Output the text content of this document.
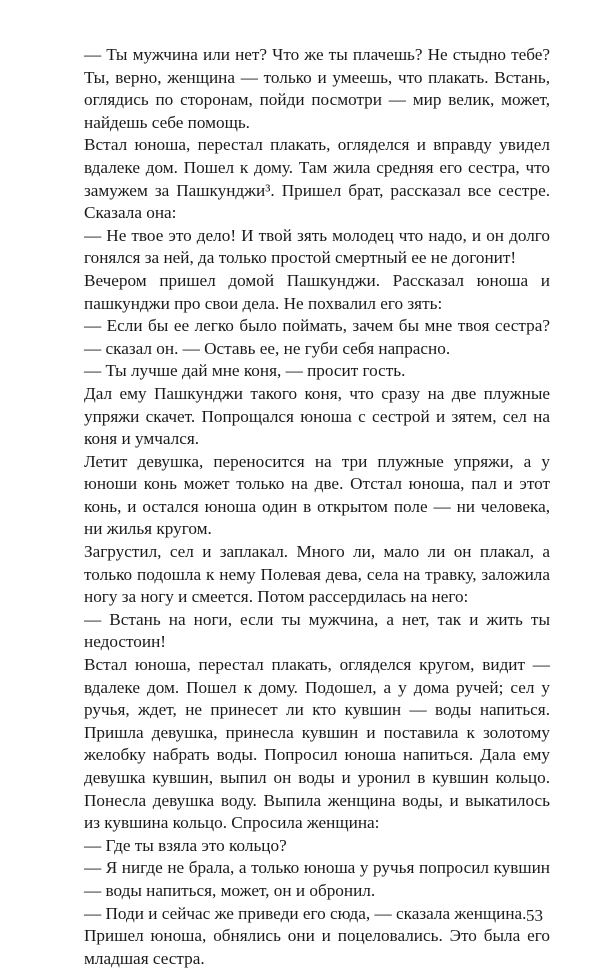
— Ты мужчина или нет? Что же ты плачешь? Не стыдно тебе? Ты, верно, женщина — только и умеешь, что плакать. Встань, оглядись по сторонам, пойди посмотри — мир велик, может, найдешь себе помощь.

Встал юноша, перестал плакать, огляделся и вправду увидел вдалеке дом. Пошел к дому. Там жила средняя его сестра, что замужем за Пашкунджи³. Пришел брат, рассказал все сестре. Сказала она:

— Не твое это дело! И твой зять молодец что надо, и он долго гонялся за ней, да только простой смертный ее не догонит!

Вечером пришел домой Пашкунджи. Рассказал юноша и пашкунджи про свои дела. Не похвалил его зять:

— Если бы ее легко было поймать, зачем бы мне твоя сестра? — сказал он. — Оставь ее, не губи себя напрасно.

— Ты лучше дай мне коня, — просит гость.

Дал ему Пашкунджи такого коня, что сразу на две плужные упряжи скачет. Попрощался юноша с сестрой и зятем, сел на коня и умчался.

Летит девушка, переносится на три плужные упряжи, а у юноши конь может только на две. Отстал юноша, пал и этот конь, и остался юноша один в открытом поле — ни человека, ни жилья кругом.

Загрустил, сел и заплакал. Много ли, мало ли он плакал, а только подошла к нему Полевая дева, села на травку, заложила ногу за ногу и смеется. Потом рассердилась на него:

— Встань на ноги, если ты мужчина, а нет, так и жить ты недостоин!

Встал юноша, перестал плакать, огляделся кругом, видит — вдалеке дом. Пошел к дому. Подошел, а у дома ручей; сел у ручья, ждет, не принесет ли кто кувшин — воды напиться. Пришла девушка, принесла кувшин и поставила к золотому желобку набрать воды. Попросил юноша напиться. Дала ему девушка кувшин, выпил он воды и уронил в кувшин кольцо. Понесла девушка воду. Выпила женщина воды, и выкатилось из кувшина кольцо. Спросила женщина:

— Где ты взяла это кольцо?

— Я нигде не брала, а только юноша у ручья попросил кувшин — воды напиться, может, он и обронил.

— Поди и сейчас же приведи его сюда, — сказала женщина.

Пришел юноша, обнялись они и поцеловались. Это была его младшая сестра.

53
